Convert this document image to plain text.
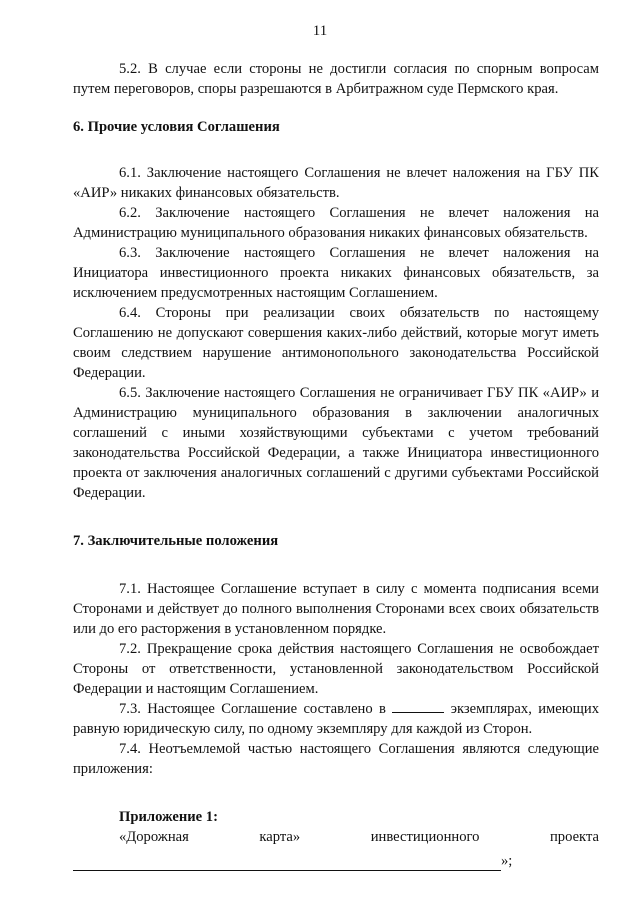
11

5.2. В случае если стороны не достигли согласия по спорным вопросам путем переговоров, споры разрешаются в Арбитражном суде Пермского края.

6. Прочие условия Соглашения

6.1. Заключение настоящего Соглашения не влечет наложения на ГБУ ПК «АИР» никаких финансовых обязательств.

6.2. Заключение настоящего Соглашения не влечет наложения на Администрацию муниципального образования никаких финансовых обязательств.

6.3. Заключение настоящего Соглашения не влечет наложения на Инициатора инвестиционного проекта никаких финансовых обязательств, за исключением предусмотренных настоящим Соглашением.

6.4. Стороны при реализации своих обязательств по настоящему Соглашению не допускают совершения каких-либо действий, которые могут иметь своим следствием нарушение антимонопольного законодательства Российской Федерации.

6.5. Заключение настоящего Соглашения не ограничивает ГБУ ПК «АИР» и Администрацию муниципального образования в заключении аналогичных соглашений с иными хозяйствующими субъектами с учетом требований законодательства Российской Федерации, а также Инициатора инвестиционного проекта от заключения аналогичных соглашений с другими субъектами Российской Федерации.

7. Заключительные положения

7.1. Настоящее Соглашение вступает в силу с момента подписания всеми Сторонами и действует до полного выполнения Сторонами всех своих обязательств или до его расторжения в установленном порядке.

7.2. Прекращение срока действия настоящего Соглашения не освобождает Стороны от ответственности, установленной законодательством Российской Федерации и настоящим Соглашением.

7.3. Настоящее Соглашение составлено в	экземплярах, имеющих равную юридическую силу, по одному экземпляру для каждой из Сторон.

7.4. Неотъемлемой частью настоящего Соглашения являются следующие приложения:

Приложение 1:
«Дорожная	карта»	инвестиционного	проекта
»;
